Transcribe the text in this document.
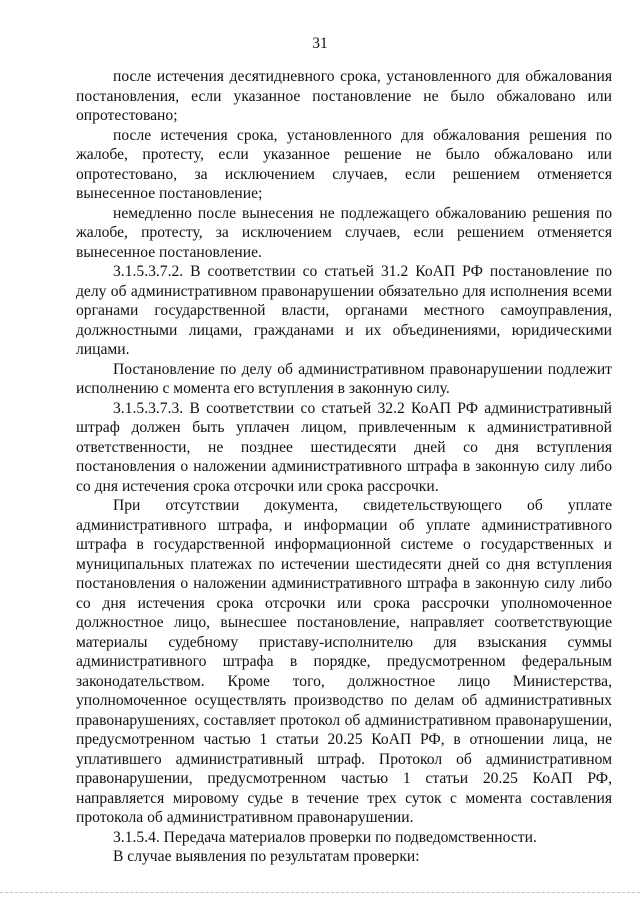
31

после истечения десятидневного срока, установленного для обжалования постановления, если указанное постановление не было обжаловано или опротестовано;

после истечения срока, установленного для обжалования решения по жалобе, протесту, если указанное решение не было обжаловано или опротестовано, за исключением случаев, если решением отменяется вынесенное постановление;

немедленно после вынесения не подлежащего обжалованию решения по жалобе, протесту, за исключением случаев, если решением отменяется вынесенное постановление.

3.1.5.3.7.2. В соответствии со статьей 31.2 КоАП РФ постановление по делу об административном правонарушении обязательно для исполнения всеми органами государственной власти, органами местного самоуправления, должностными лицами, гражданами и их объединениями, юридическими лицами.

Постановление по делу об административном правонарушении подлежит исполнению с момента его вступления в законную силу.

3.1.5.3.7.3. В соответствии со статьей 32.2 КоАП РФ административный штраф должен быть уплачен лицом, привлеченным к административной ответственности, не позднее шестидесяти дней со дня вступления постановления о наложении административного штрафа в законную силу либо со дня истечения срока отсрочки или срока рассрочки.

При отсутствии документа, свидетельствующего об уплате административного штрафа, и информации об уплате административного штрафа в государственной информационной системе о государственных и муниципальных платежах по истечении шестидесяти дней со дня вступления постановления о наложении административного штрафа в законную силу либо со дня истечения срока отсрочки или срока рассрочки уполномоченное должностное лицо, вынесшее постановление, направляет соответствующие материалы судебному приставу-исполнителю для взыскания суммы административного штрафа в порядке, предусмотренном федеральным законодательством. Кроме того, должностное лицо Министерства, уполномоченное осуществлять производство по делам об административных правонарушениях, составляет протокол об административном правонарушении, предусмотренном частью 1 статьи 20.25 КоАП РФ, в отношении лица, не уплатившего административный штраф. Протокол об административном правонарушении, предусмотренном частью 1 статьи 20.25 КоАП РФ, направляется мировому судье в течение трех суток с момента составления протокола об административном правонарушении.

3.1.5.4. Передача материалов проверки по подведомственности.

В случае выявления по результатам проверки:
